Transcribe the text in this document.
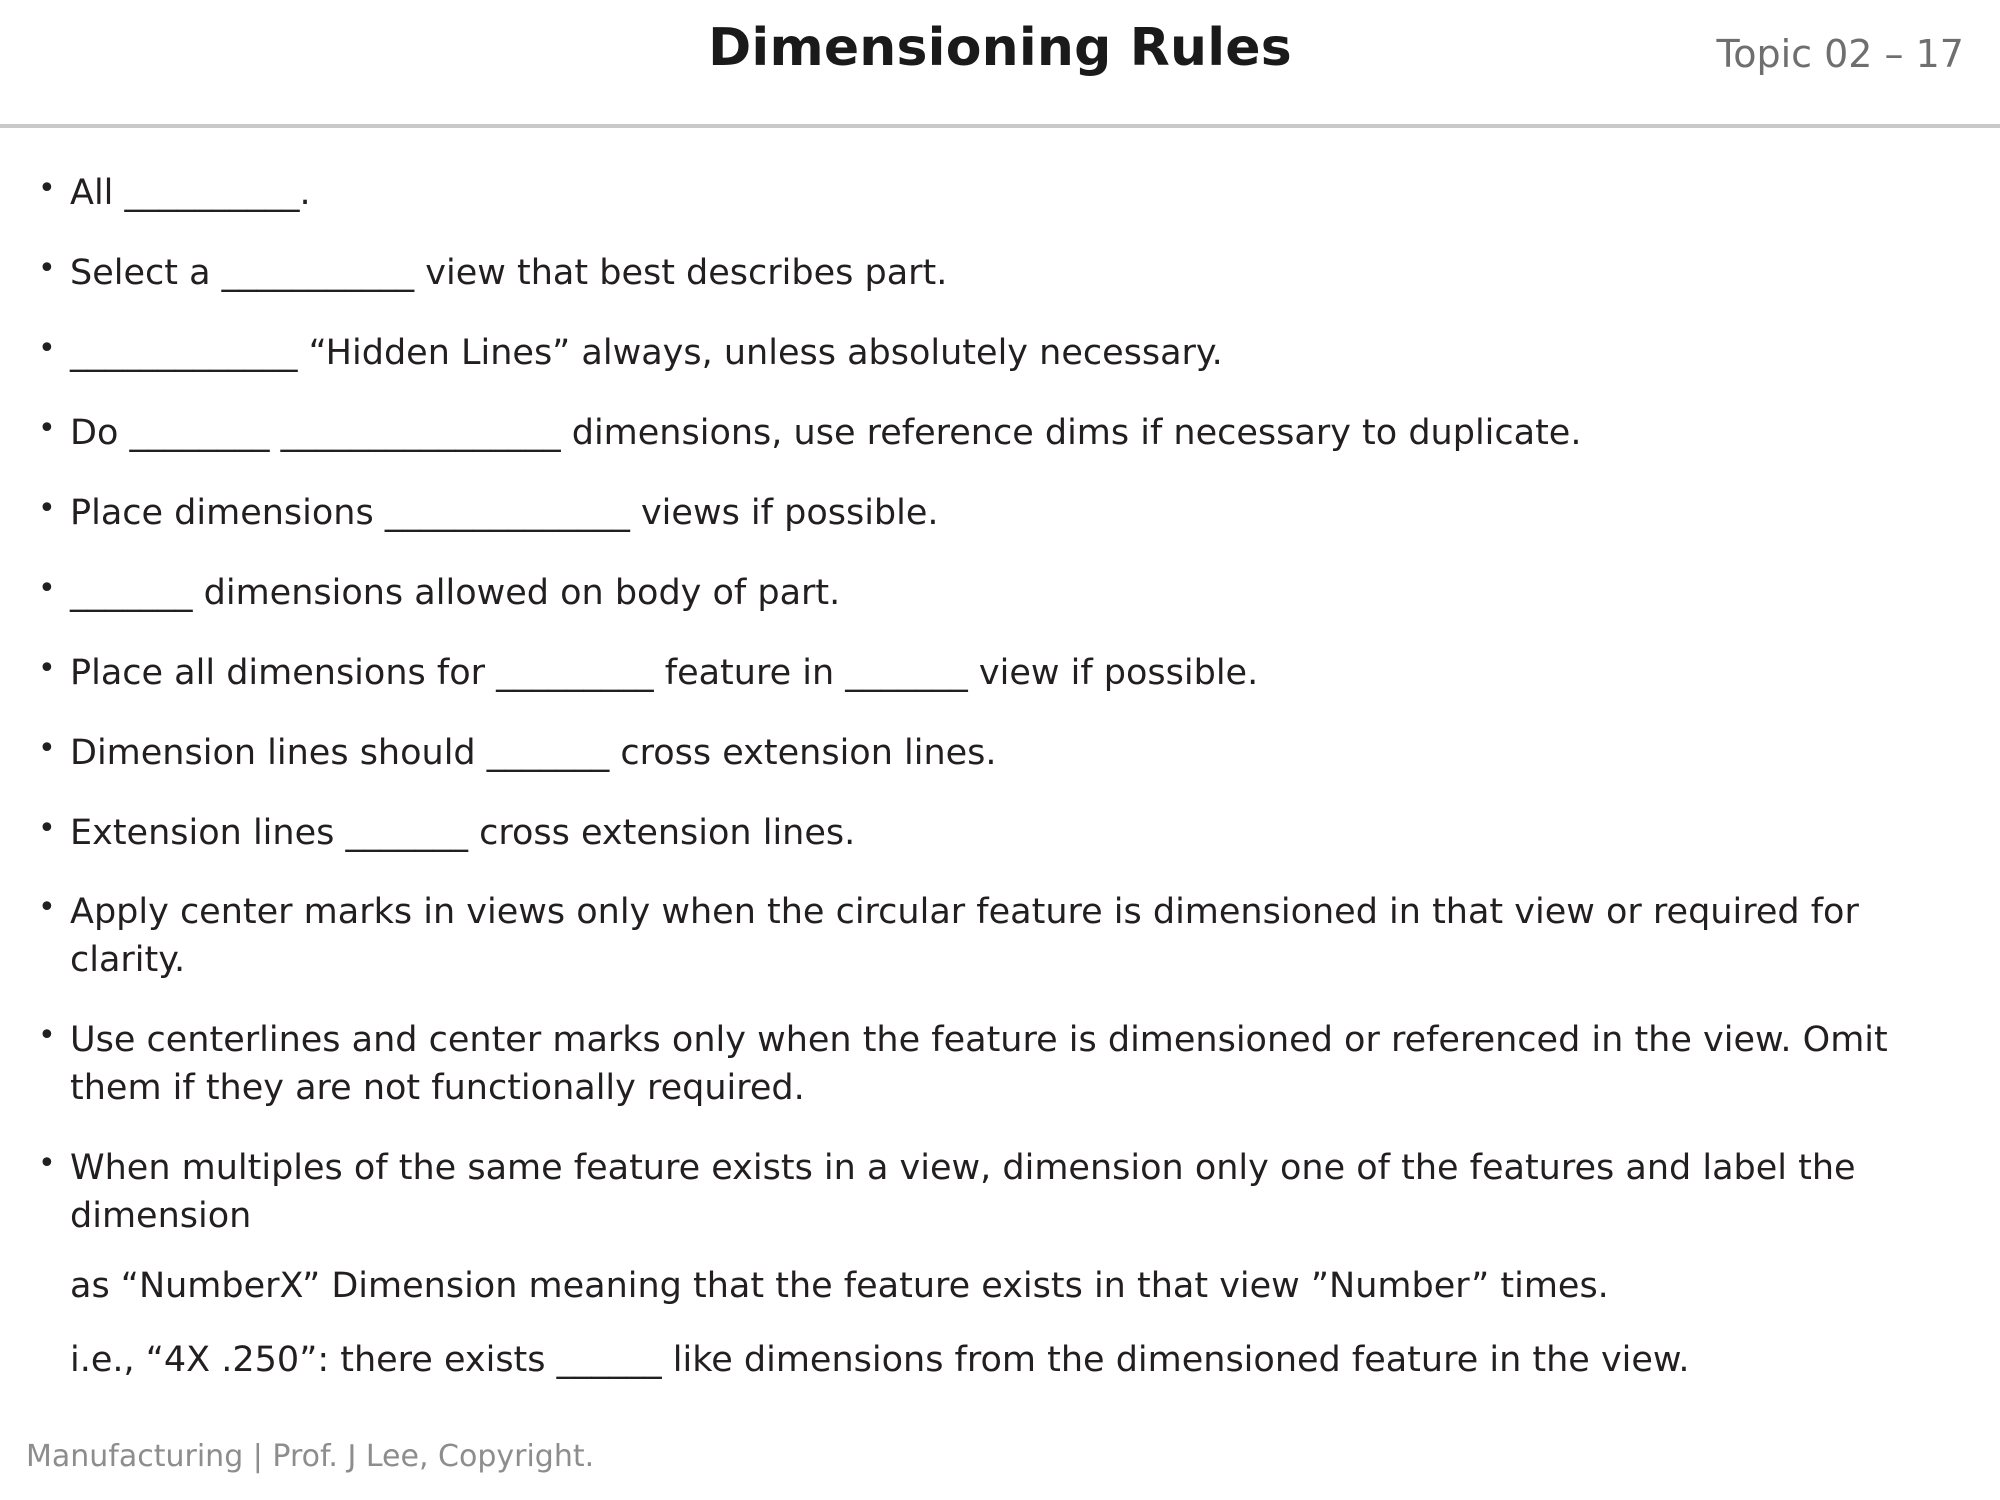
Dimensioning Rules	Topic 02 – 17
• All __________.
• Select a ___________ view that best describes part.
• _____________ “Hidden Lines” always, unless absolutely necessary.
• Do ________ ________________ dimensions, use reference dims if necessary to duplicate.
• Place dimensions ______________ views if possible.
• _______ dimensions allowed on body of part.
• Place all dimensions for _________ feature in _______ view if possible.
• Dimension lines should _______ cross extension lines.
• Extension lines _______ cross extension lines.
• Apply center marks in views only when the circular feature is dimensioned in that view or required for clarity.
• Use centerlines and center marks only when the feature is dimensioned or referenced in the view. Omit them if they are not functionally required.
• When multiples of the same feature exists in a view, dimension only one of the features and label the dimension
as “NumberX” Dimension meaning that the feature exists in that view ”Number” times.
i.e., “4X .250”: there exists ______ like dimensions from the dimensioned feature in the view.
Manufacturing | Prof. J Lee, Copyright.
